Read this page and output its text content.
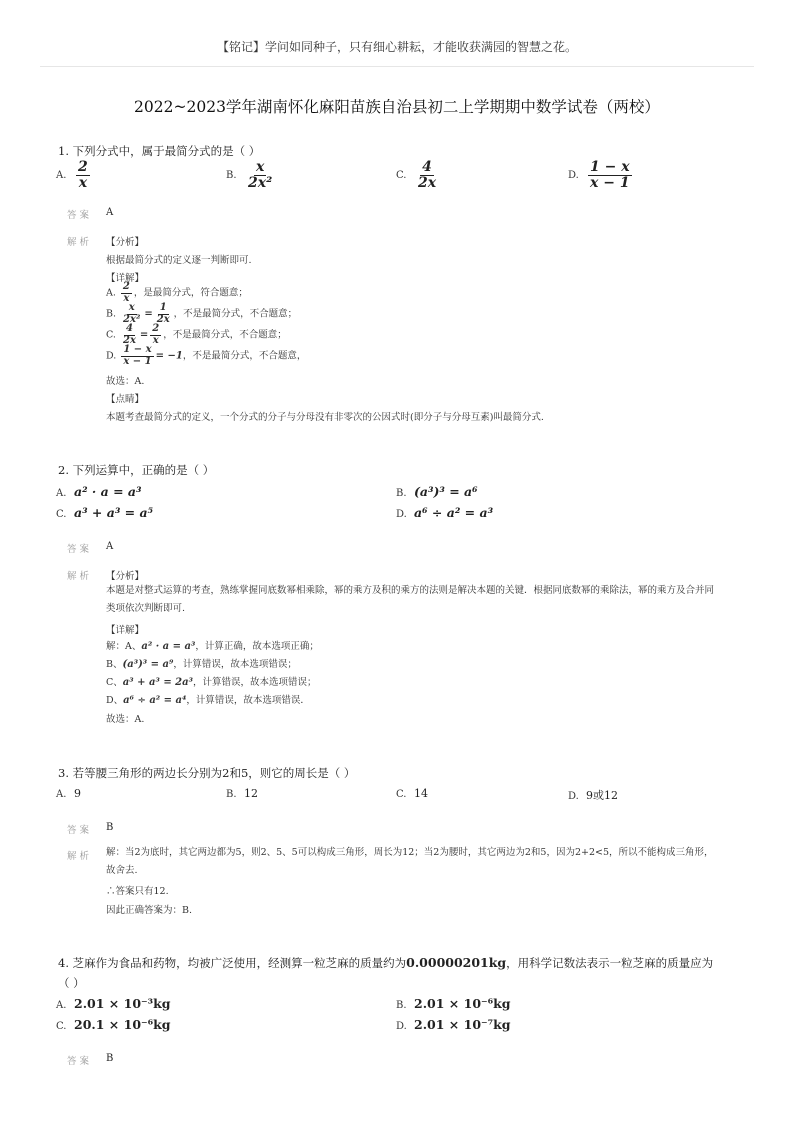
【铭记】学问如同种子，只有细心耕耘，才能收获满园的智慧之花。
2022~2023学年湖南怀化麻阳苗族自治县初二上学期期中数学试卷（两校）
1. 下列分式中，属于最简分式的是（ ）
A. $\frac{2}{x}$	B. $\frac{x}{\text{2x²}}$	C. $\frac{4}{2x}$	D. $\frac{1 - x}{x - 1}$
答案 A
解析 【分析】
根据最简分式的定义逐一判断即可.
【详解】
A. $\frac{2}{x}$ ，是最简分式，符合题意；
B. $\frac{x}{\text{2x²}} = \frac{1}{2x}$ ，不是最简分式，不合题意；
C. $\frac{4}{2x} = \frac{2}{x}$ ，不是最简分式，不合题意；
D. $\frac{1 - x}{x - 1} = -1$，不是最简分式，不合题意，
故选：A.
【点睛】
本题考查最简分式的定义，一个分式的分子与分母没有非零次的公因式时(即分子与分母互素)叫最简分式.
2. 下列运算中，正确的是（ ）
A. a² · a = a³	B. (a³)³ = a⁶
C. a³ + a³ = a⁵	D. a⁶ ÷ a² = a³
答案 A
解析 【分析】
本题是对整式运算的考查，熟练掌握同底数幂相乘除，幂的乘方及积的乘方的法则是解决本题的关键．根据同底数幂的乘除法，幂的乘方及合并同类项依次判断即可.
【详解】
解：A、a² · a = a³，计算正确，故本选项正确；
B、(a³)³ = a⁹，计算错误，故本选项错误；
C、a³ + a³ = 2a³，计算错误，故本选项错误；
D、a⁶ ÷ a² = a⁴，计算错误，故本选项错误．
故选：A.
3. 若等腰三角形的两边长分别为2和5，则它的周长是（ ）
A. 9	B. 12	C. 14	D. 9或12
答案 B
解析 解：当2为底时，其它两边都为5，则2、5、5可以构成三角形，周长为12；当2为腰时，其它两边为2和5，因为2+2<5，所以不能构成三角形，故舍去.
∴答案只有12.
因此正确答案为：B.
4. 芝麻作为食品和药物，均被广泛使用，经测算一粒芝麻的质量约为0.00000201kg，用科学记数法表示一粒芝麻的质量应为
（ ）
A. 2.01 × 10⁻³kg	B. 2.01 × 10⁻⁶kg
C. 20.1 × 10⁻⁶kg	D. 2.01 × 10⁻⁷kg
答案 B
